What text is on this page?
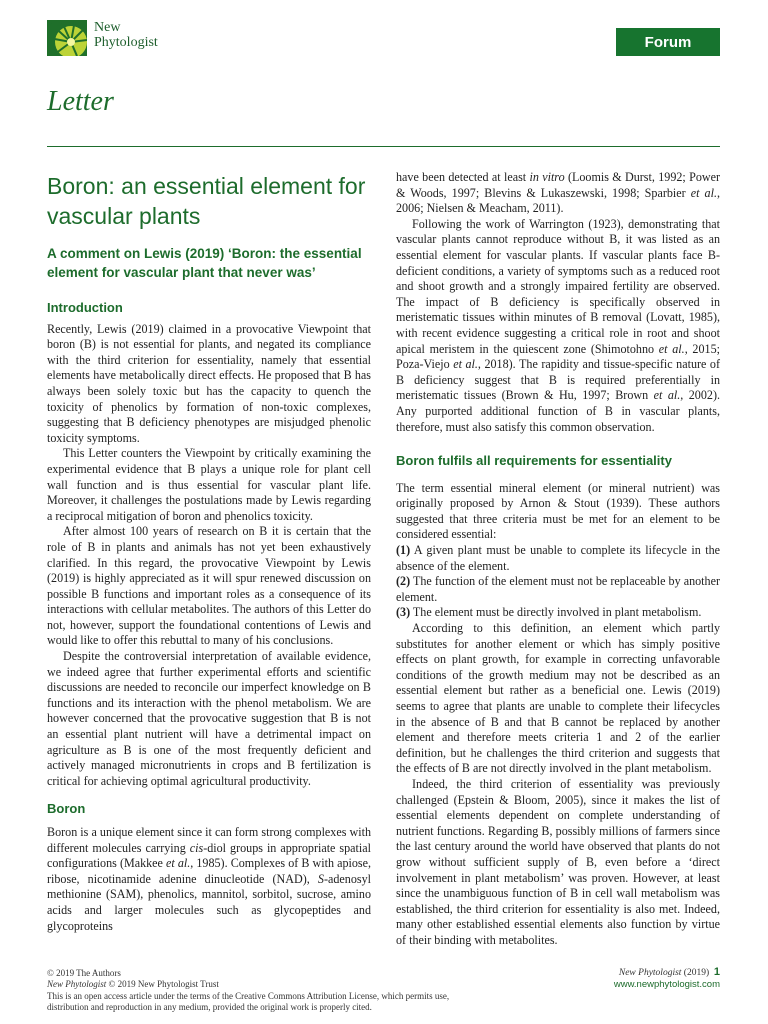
New
Phytologist	Forum
Letter
Boron: an essential element for vascular plants
A comment on Lewis (2019) ‘Boron: the essential element for vascular plant that never was’
Introduction

Recently, Lewis (2019) claimed in a provocative Viewpoint that boron (B) is not essential for plants, and negated its compliance with the third criterion for essentiality, namely that essential elements have metabolically direct effects. He proposed that B has always been solely toxic but has the capacity to quench the toxicity of phenolics by formation of non-toxic complexes, suggesting that B deficiency phenotypes are misjudged phenolic toxicity symptoms.

This Letter counters the Viewpoint by critically examining the experimental evidence that B plays a unique role for plant cell wall function and is thus essential for vascular plant life. Moreover, it challenges the postulations made by Lewis regarding a reciprocal mitigation of boron and phenolics toxicity.

After almost 100 years of research on B it is certain that the role of B in plants and animals has not yet been exhaustively clarified. In this regard, the provocative Viewpoint by Lewis (2019) is highly appreciated as it will spur renewed discussion on possible B functions and important roles as a consequence of its interactions with cellular metabolites. The authors of this Letter do not, however, support the foundational contentions of Lewis and would like to offer this rebuttal to many of his conclusions.

Despite the controversial interpretation of available evidence, we indeed agree that further experimental efforts and scientific discussions are needed to reconcile our imperfect knowledge on B functions and its interaction with the phenol metabolism. We are however concerned that the provocative suggestion that B is not an essential plant nutrient will have a detrimental impact on agriculture as B is one of the most frequently deficient and actively managed micronutrients in crops and B fertilization is critical for achieving optimal agricultural productivity.

Boron

Boron is a unique element since it can form strong complexes with different molecules carrying cis-diol groups in appropriate spatial configurations (Makkee et al., 1985). Complexes of B with apiose, ribose, nicotinamide adenine dinucleotide (NAD), S-adenosyl methionine (SAM), phenolics, mannitol, sorbitol, sucrose, amino acids and larger molecules such as glycopeptides and glycoproteins

have been detected at least in vitro (Loomis & Durst, 1992; Power & Woods, 1997; Blevins & Lukaszewski, 1998; Sparbier et al., 2006; Nielsen & Meacham, 2011).

Following the work of Warrington (1923), demonstrating that vascular plants cannot reproduce without B, it was listed as an essential element for vascular plants. If vascular plants face B-deficient conditions, a variety of symptoms such as a reduced root and shoot growth and a strongly impaired fertility are observed. The impact of B deficiency is specifically observed in meristematic tissues within minutes of B removal (Lovatt, 1985), with recent evidence suggesting a critical role in root and shoot apical meristem in the quiescent zone (Shimotohno et al., 2015; Poza-Viejo et al., 2018). The rapidity and tissue-specific nature of B deficiency suggest that B is required preferentially in meristematic tissues (Brown & Hu, 1997; Brown et al., 2002). Any purported additional function of B in vascular plants, therefore, must also satisfy this common observation.

Boron fulfils all requirements for essentiality

The term essential mineral element (or mineral nutrient) was originally proposed by Arnon & Stout (1939). These authors suggested that three criteria must be met for an element to be considered essential:

(1) A given plant must be unable to complete its lifecycle in the absence of the element.

(2) The function of the element must not be replaceable by another element.

(3) The element must be directly involved in plant metabolism.

According to this definition, an element which partly substitutes for another element or which has simply positive effects on plant growth, for example in correcting unfavorable conditions of the growth medium may not be described as an essential element but rather as a beneficial one. Lewis (2019) seems to agree that plants are unable to complete their lifecycles in the absence of B and that B cannot be replaced by another element and therefore meets criteria 1 and 2 of the earlier definition, but he challenges the third criterion and suggests that the effects of B are not directly involved in the plant metabolism.

Indeed, the third criterion of essentiality was previously challenged (Epstein & Bloom, 2005), since it makes the list of essential elements dependent on complete understanding of nutrient functions. Regarding B, possibly millions of farmers since the last century around the world have observed that plants do not grow without sufficient supply of B, even before a ‘direct involvement in plant metabolism’ was proven. However, at least since the unambiguous function of B in cell wall metabolism was established, the third criterion for essentiality is also met. Indeed, many other established essential elements also function by virtue of their binding with metabolites.

© 2019 The Authors
New Phytologist © 2019 New Phytologist Trust
This is an open access article under the terms of the Creative Commons Attribution License, which permits use, distribution and reproduction in any medium, provided the original work is properly cited.
New Phytologist (2019) 1
www.newphytologist.com
